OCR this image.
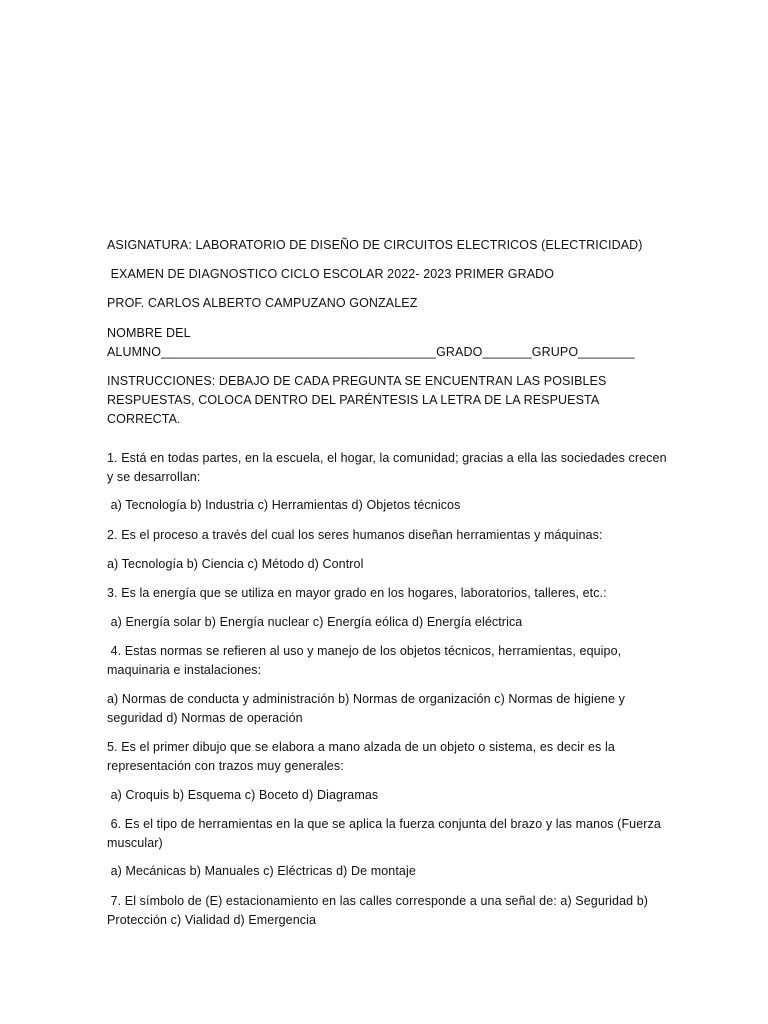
ASIGNATURA: LABORATORIO DE DISEÑO DE CIRCUITOS ELECTRICOS (ELECTRICIDAD)
EXAMEN DE DIAGNOSTICO CICLO ESCOLAR 2022- 2023 PRIMER GRADO
PROF. CARLOS ALBERTO CAMPUZANO GONZALEZ
NOMBRE DEL
ALUMNO_______________________________________GRADO_______GRUPO________
INSTRUCCIONES: DEBAJO DE CADA PREGUNTA SE ENCUENTRAN LAS POSIBLES RESPUESTAS, COLOCA DENTRO DEL PARÉNTESIS LA LETRA DE LA RESPUESTA CORRECTA.
1. Está en todas partes, en la escuela, el hogar, la comunidad; gracias a ella las sociedades crecen y se desarrollan:
a) Tecnología b) Industria c) Herramientas d) Objetos técnicos
2. Es el proceso a través del cual los seres humanos diseñan herramientas y máquinas:
a) Tecnología b) Ciencia c) Método d) Control
3. Es la energía que se utiliza en mayor grado en los hogares, laboratorios, talleres, etc.:
a) Energía solar b) Energía nuclear c) Energía eólica d) Energía eléctrica
4. Estas normas se refieren al uso y manejo de los objetos técnicos, herramientas, equipo, maquinaria e instalaciones:
a) Normas de conducta y administración b) Normas de organización c) Normas de higiene y seguridad d) Normas de operación
5. Es el primer dibujo que se elabora a mano alzada de un objeto o sistema, es decir es la representación con trazos muy generales:
a) Croquis b) Esquema c) Boceto d) Diagramas
6. Es el tipo de herramientas en la que se aplica la fuerza conjunta del brazo y las manos (Fuerza muscular)
a) Mecánicas b) Manuales c) Eléctricas d) De montaje
7. El símbolo de (E) estacionamiento en las calles corresponde a una señal de: a) Seguridad b) Protección c) Vialidad d) Emergencia
